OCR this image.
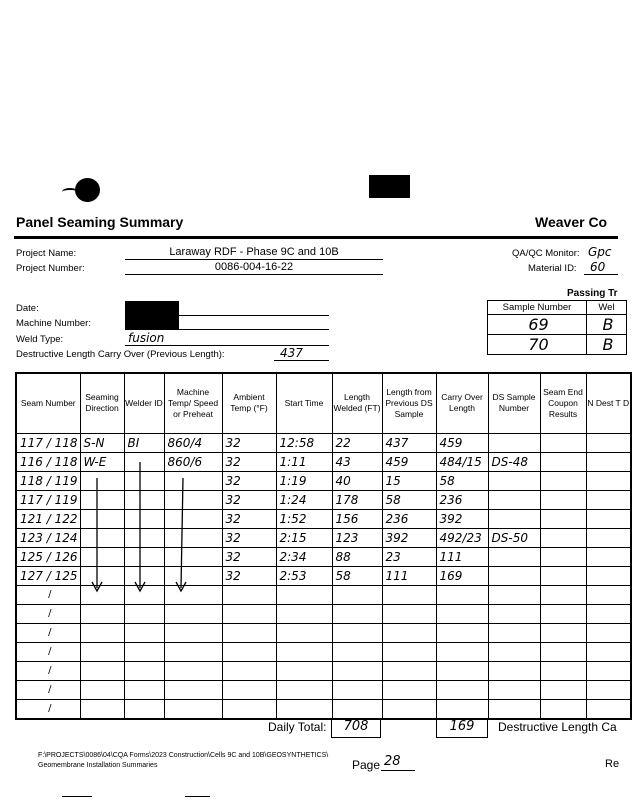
Panel Seaming Summary	Weaver Co
Project Name:	Laraway RDF - Phase 9C and 10B
Project Number:	0086-004-16-22
QA/QC Monitor: Gpc
Material ID: 60
Date:
Machine Number:
Weld Type:	fusion
Destructive Length Carry Over (Previous Length):	437
Passing Tr
Sample Number	Wel
69	B
70	B
Seam Number	Seaming Direction	Welder ID	Machine Temp/ Speed or Preheat	Ambient Temp (°F)	Start Time	Length Welded (FT)	Length from Previous DS Sample	Carry Over Length	DS Sample Number	Seam End Coupon Results	N Dest T D
117 / 118	S-N	BI	860/4	32	12:58	22	437	459			
116 / 118	W-E		860/6	32	1:11	43	459	484/15	DS-48		
118 / 119				32	1:19	40	15	58			
117 / 119				32	1:24	178	58	236			
121 / 122				32	1:52	156	236	392			
123 / 124				32	2:15	123	392	492/23	DS-50		
125 / 126				32	2:34	88	23	111			
127 / 125				32	2:53	58	111	169			
/											
/											
/											
/											
/											
/											
/											
Daily Total:	708	169	Destructive Length Ca
F:\PROJECTS\0086\04\CQA Forms\2023 Construction\Cells 9C and 10B\GEOSYNTHETICS\
Geomembrane Installation Summaries	Page 28	Re
